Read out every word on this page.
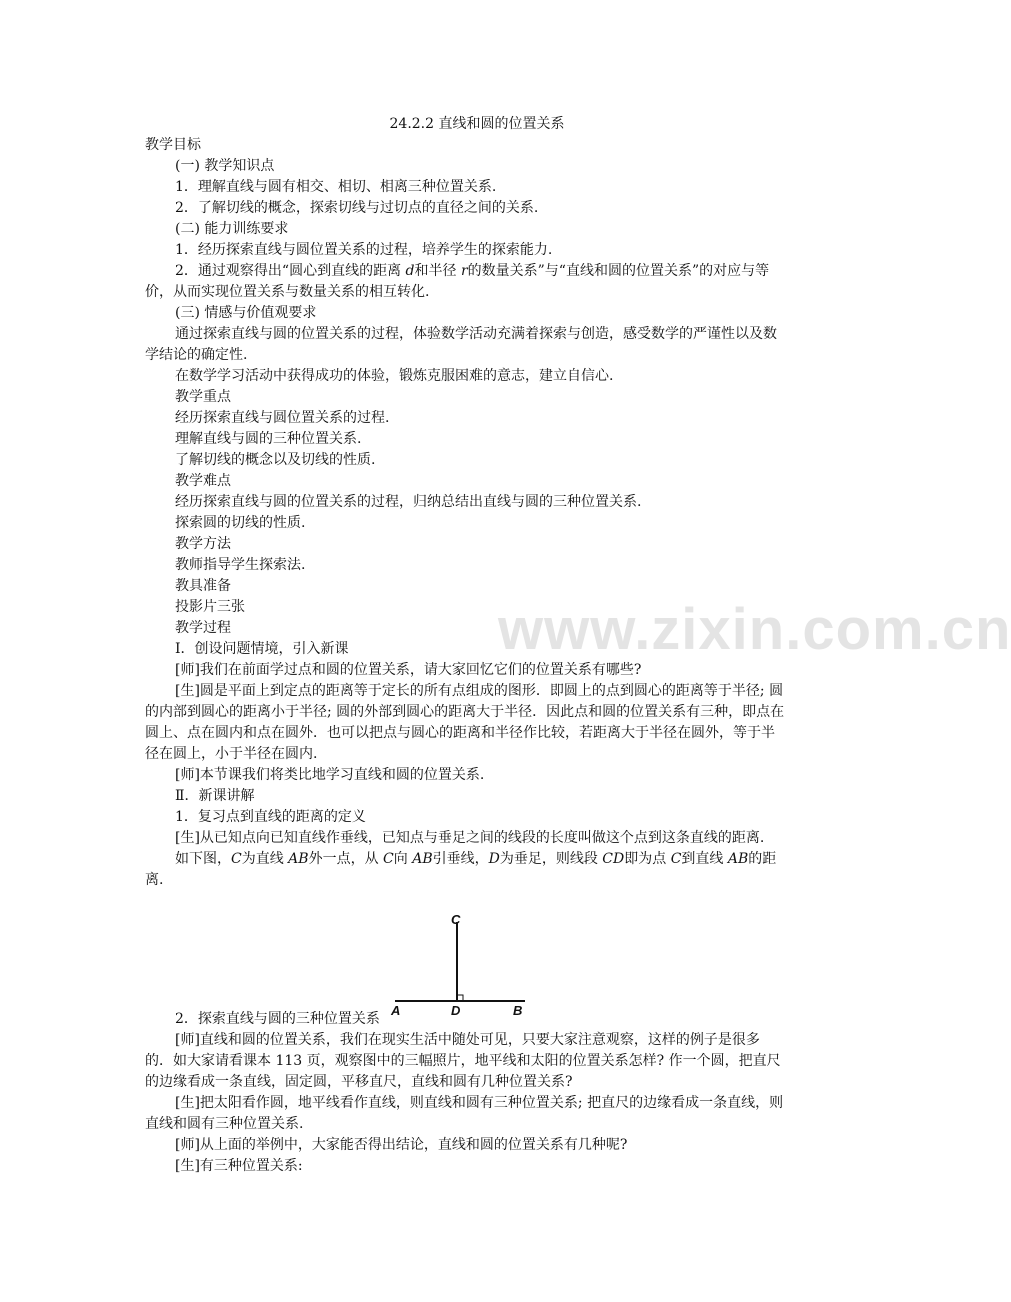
www.zixin.com.cn
24.2.2 直线和圆的位置关系

教学目标

(一) 教学知识点

1．理解直线与圆有相交、相切、相离三种位置关系.

2．了解切线的概念，探索切线与过切点的直径之间的关系.

(二) 能力训练要求

1．经历探索直线与圆位置关系的过程，培养学生的探索能力.

2．通过观察得出“圆心到直线的距离 d和半径 r的数量关系”与“直线和圆的位置关系”的对应与等价，从而实现位置关系与数量关系的相互转化.

(三) 情感与价值观要求

通过探索直线与圆的位置关系的过程，体验数学活动充满着探索与创造，感受数学的严谨性以及数学结论的确定性.

在数学学习活动中获得成功的体验，锻炼克服困难的意志，建立自信心.

教学重点

经历探索直线与圆位置关系的过程.

理解直线与圆的三种位置关系.

了解切线的概念以及切线的性质.

教学难点

经历探索直线与圆的位置关系的过程，归纳总结出直线与圆的三种位置关系.

探索圆的切线的性质.

教学方法

教师指导学生探索法.

教具准备

投影片三张

教学过程

Ⅰ．创设问题情境，引入新课

[师]我们在前面学过点和圆的位置关系，请大家回忆它们的位置关系有哪些?

[生]圆是平面上到定点的距离等于定长的所有点组成的图形．即圆上的点到圆心的距离等于半径; 圆的内部到圆心的距离小于半径; 圆的外部到圆心的距离大于半径．因此点和圆的位置关系有三种，即点在圆上、点在圆内和点在圆外．也可以把点与圆心的距离和半径作比较，若距离大于半径在圆外，等于半径在圆上，小于半径在圆内.

[师]本节课我们将类比地学习直线和圆的位置关系.

Ⅱ．新课讲解

1．复习点到直线的距离的定义

[生]从已知点向已知直线作垂线，已知点与垂足之间的线段的长度叫做这个点到这条直线的距离.

如下图，C为直线 AB外一点，从 C向 AB引垂线，D为垂足，则线段 CD即为点 C到直线 AB的距离.

2．探索直线与圆的三种位置关系

[师]直线和圆的位置关系，我们在现实生活中随处可见，只要大家注意观察，这样的例子是很多的．如大家请看课本 113 页，观察图中的三幅照片，地平线和太阳的位置关系怎样? 作一个圆，把直尺的边缘看成一条直线，固定圆，平移直尺，直线和圆有几种位置关系?

[生]把太阳看作圆，地平线看作直线，则直线和圆有三种位置关系; 把直尺的边缘看成一条直线，则直线和圆有三种位置关系.

[师]从上面的举例中，大家能否得出结论，直线和圆的位置关系有几种呢?

[生]有三种位置关系:

C
A	D	B
